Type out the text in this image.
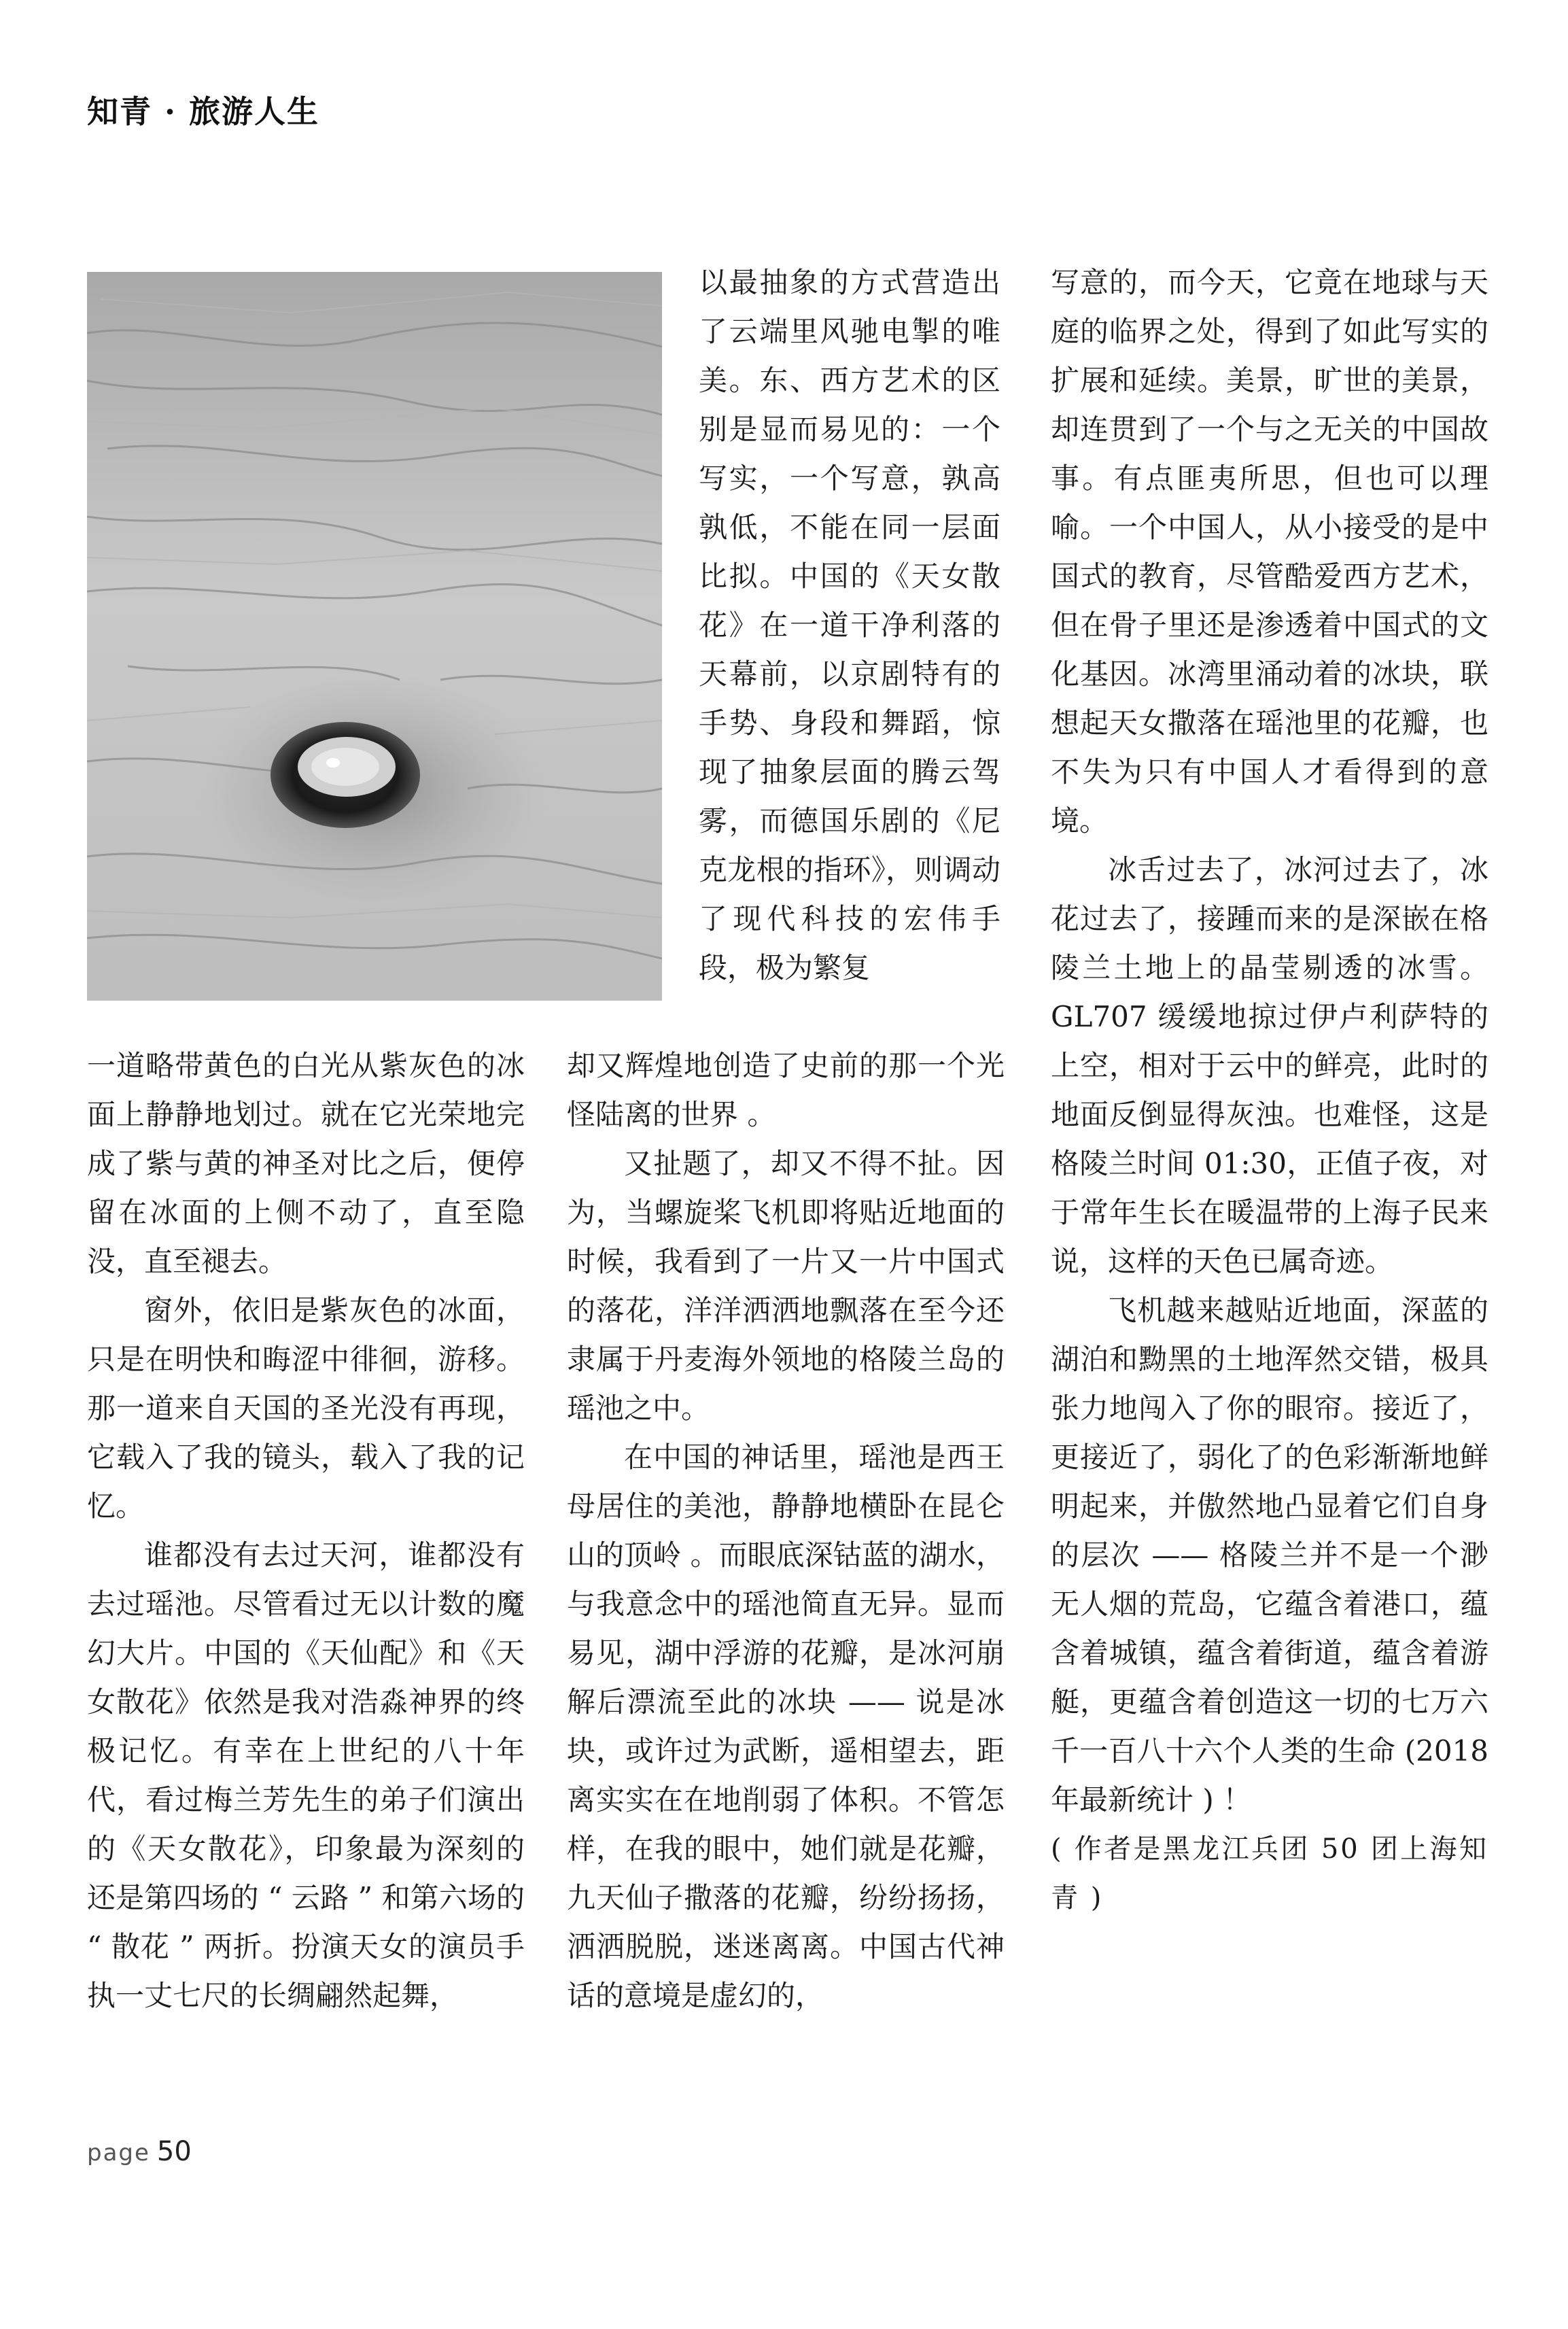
知青 · 旅游人生

一道略带黄色的白光从紫灰色的冰面上静静地划过。就在它光荣地完成了紫与黄的神圣对比之后，便停留在冰面的上侧不动了，直至隐没，直至褪去。

窗外，依旧是紫灰色的冰面，只是在明快和晦涩中徘徊，游移。那一道来自天国的圣光没有再现，它载入了我的镜头，载入了我的记忆。

谁都没有去过天河，谁都没有去过瑶池。尽管看过无以计数的魔幻大片。中国的《天仙配》和《天女散花》依然是我对浩淼神界的终极记忆。有幸在上世纪的八十年代，看过梅兰芳先生的弟子们演出的《天女散花》，印象最为深刻的还是第四场的 “ 云路 ” 和第六场的 “ 散花 ” 两折。扮演天女的演员手执一丈七尺的长绸翩然起舞，

以最抽象的方式营造出了云端里风驰电掣的唯美。东、西方艺术的区别是显而易见的：一个写实，一个写意，孰高孰低，不能在同一层面比拟。中国的《天女散花》在一道干净利落的天幕前，以京剧特有的手势、身段和舞蹈，惊现了抽象层面的腾云驾雾，而德国乐剧的《尼克龙根的指环》，则调动了现代科技的宏伟手段，极为繁复

却又辉煌地创造了史前的那一个光怪陆离的世界 。

又扯题了，却又不得不扯。因为，当螺旋桨飞机即将贴近地面的时候，我看到了一片又一片中国式的落花，洋洋洒洒地飘落在至今还隶属于丹麦海外领地的格陵兰岛的瑶池之中。

在中国的神话里，瑶池是西王母居住的美池，静静地横卧在昆仑山的顶岭 。而眼底深钴蓝的湖水，与我意念中的瑶池简直无异。显而易见，湖中浮游的花瓣，是冰河崩解后漂流至此的冰块 —— 说是冰块，或许过为武断，遥相望去，距离实实在在地削弱了体积。不管怎样，在我的眼中，她们就是花瓣，九天仙子撒落的花瓣，纷纷扬扬，洒洒脱脱，迷迷离离。中国古代神话的意境是虚幻的，

写意的，而今天，它竟在地球与天庭的临界之处，得到了如此写实的扩展和延续。美景，旷世的美景，却连贯到了一个与之无关的中国故事。有点匪夷所思，但也可以理喻。一个中国人，从小接受的是中国式的教育，尽管酷爱西方艺术，但在骨子里还是渗透着中国式的文化基因。冰湾里涌动着的冰块，联想起天女撒落在瑶池里的花瓣，也不失为只有中国人才看得到的意境。

冰舌过去了，冰河过去了，冰花过去了，接踵而来的是深嵌在格陵兰土地上的晶莹剔透的冰雪。GL707 缓缓地掠过伊卢利萨特的上空，相对于云中的鲜亮，此时的地面反倒显得灰浊。也难怪，这是格陵兰时间 01:30，正值子夜，对于常年生长在暖温带的上海子民来说，这样的天色已属奇迹。

飞机越来越贴近地面，深蓝的湖泊和黝黑的土地浑然交错，极具张力地闯入了你的眼帘。接近了，更接近了，弱化了的色彩渐渐地鲜明起来，并傲然地凸显着它们自身的层次 —— 格陵兰并不是一个渺无人烟的荒岛，它蕴含着港口，蕴含着城镇，蕴含着街道，蕴含着游艇，更蕴含着创造这一切的七万六千一百八十六个人类的生命 (2018 年最新统计 ) ！

( 作者是黑龙江兵团 50 团上海知青 )

page 50
